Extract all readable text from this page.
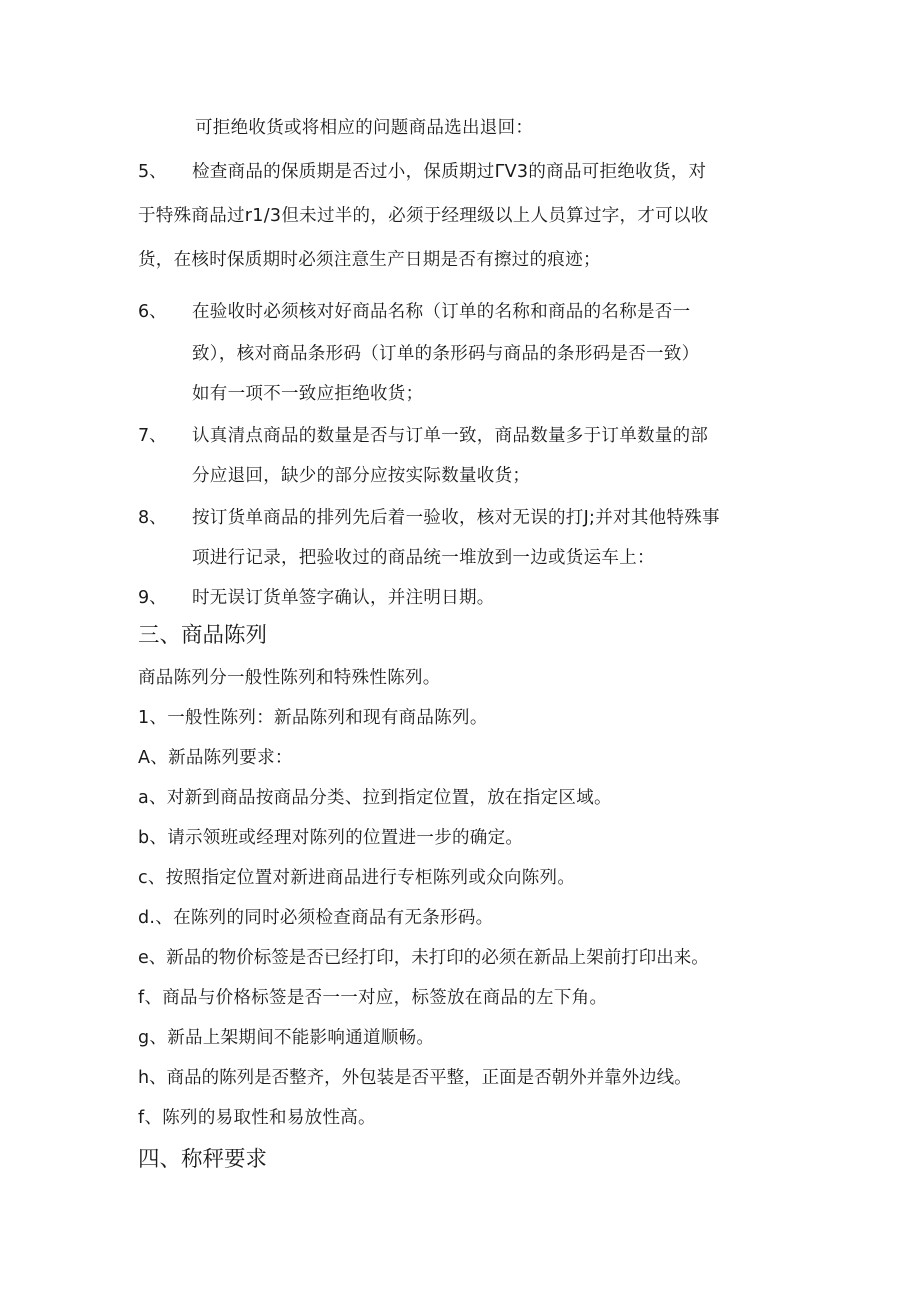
可拒绝收货或将相应的问题商品选出退回：
5、 检查商品的保质期是否过小，保质期过ΓV3的商品可拒绝收货，对
于特殊商品过r1/3但未过半的，必须于经理级以上人员算过字，才可以收
货，在核时保质期时必须注意生产日期是否有擦过的痕迹；
6、 在验收时必须核对好商品名称（订单的名称和商品的名称是否一
致），核对商品条形码（订单的条形码与商品的条形码是否一致）
如有一项不一致应拒绝收货；
7、 认真清点商品的数量是否与订单一致，商品数量多于订单数量的部
分应退回，缺少的部分应按实际数量收货；
8、 按订货单商品的排列先后着一验收，核对无误的打J;并对其他特殊事
项进行记录，把验收过的商品统一堆放到一边或货运车上：
9、 时无误订货单签字确认，并注明日期。
三、商品陈列
商品陈列分一般性陈列和特殊性陈列。
1、一般性陈列：新品陈列和现有商品陈列。
A、新品陈列要求：
a、对新到商品按商品分类、拉到指定位置，放在指定区域。
b、请示领班或经理对陈列的位置进一步的确定。
c、按照指定位置对新进商品进行专柜陈列或众向陈列。
d.、在陈列的同时必须检查商品有无条形码。
e、新品的物价标签是否已经打印，未打印的必须在新品上架前打印出来。
f、商品与价格标签是否一一对应，标签放在商品的左下角。
g、新品上架期间不能影响通道顺畅。
h、商品的陈列是否整齐，外包装是否平整，正面是否朝外并靠外边线。
f、陈列的易取性和易放性高。
四、称秤要求
